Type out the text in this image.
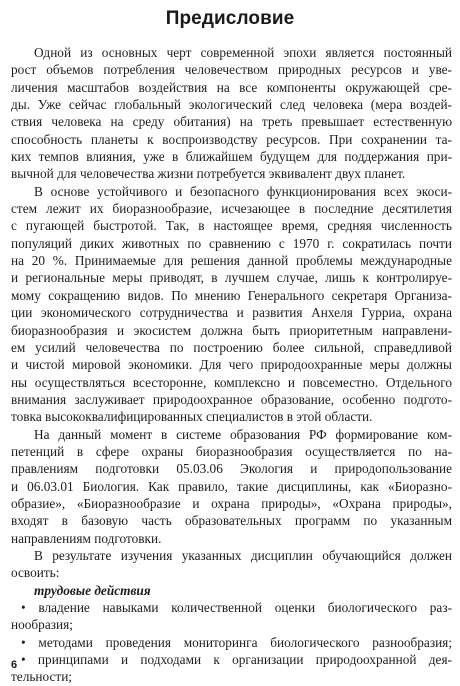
Предисловие
Одной из основных черт современной эпохи является постоянный
рост объемов потребления человечеством природных ресурсов и уве-
личения масштабов воздействия на все компоненты окружающей сре-
ды. Уже сейчас глобальный экологический след человека (мера воздей-
ствия человека на среду обитания) на треть превышает естественную
способность планеты к воспроизводству ресурсов. При сохранении та-
ких темпов влияния, уже в ближайшем будущем для поддержания при-
вычной для человечества жизни потребуется эквивалент двух планет.
В основе устойчивого и безопасного функционирования всех экоси-
стем лежит их биоразнообразие, исчезающее в последние десятилетия
с пугающей быстротой. Так, в настоящее время, средняя численность
популяций диких животных по сравнению с 1970 г. сократилась почти
на 20 %. Принимаемые для решения данной проблемы международные
и региональные меры приводят, в лучшем случае, лишь к контролируе-
мому сокращению видов. По мнению Генерального секретаря Организа-
ции экономического сотрудничества и развития Анхеля Гурриа, охрана
биоразнообразия и экосистем должна быть приоритетным направлени-
ем усилий человечества по построению более сильной, справедливой
и чистой мировой экономики. Для чего природоохранные меры должны
ны осуществляться всесторонне, комплексно и повсеместно. Отдельного
внимания заслуживает природоохранное образование, особенно подгото-
товка высококвалифицированных специалистов в этой области.
На данный момент в системе образования РФ формирование ком-
петенций в сфере охраны биоразнообразия осуществляется по на-
правлениям подготовки 05.03.06 Экология и природопользование
и 06.03.01 Биология. Как правило, такие дисциплины, как «Биоразно-
образие», «Биоразнообразие и охрана природы», «Охрана природы»,
входят в базовую часть образовательных программ по указанным
направлениям подготовки.
В результате изучения указанных дисциплин обучающийся должен
освоить:
трудовые действия
• владение навыками количественной оценки биологического раз-
нообразия;
• методами проведения мониторинга биологического разнообразия;
• принципами и подходами к организации природоохранной дея-
тельности;
6
